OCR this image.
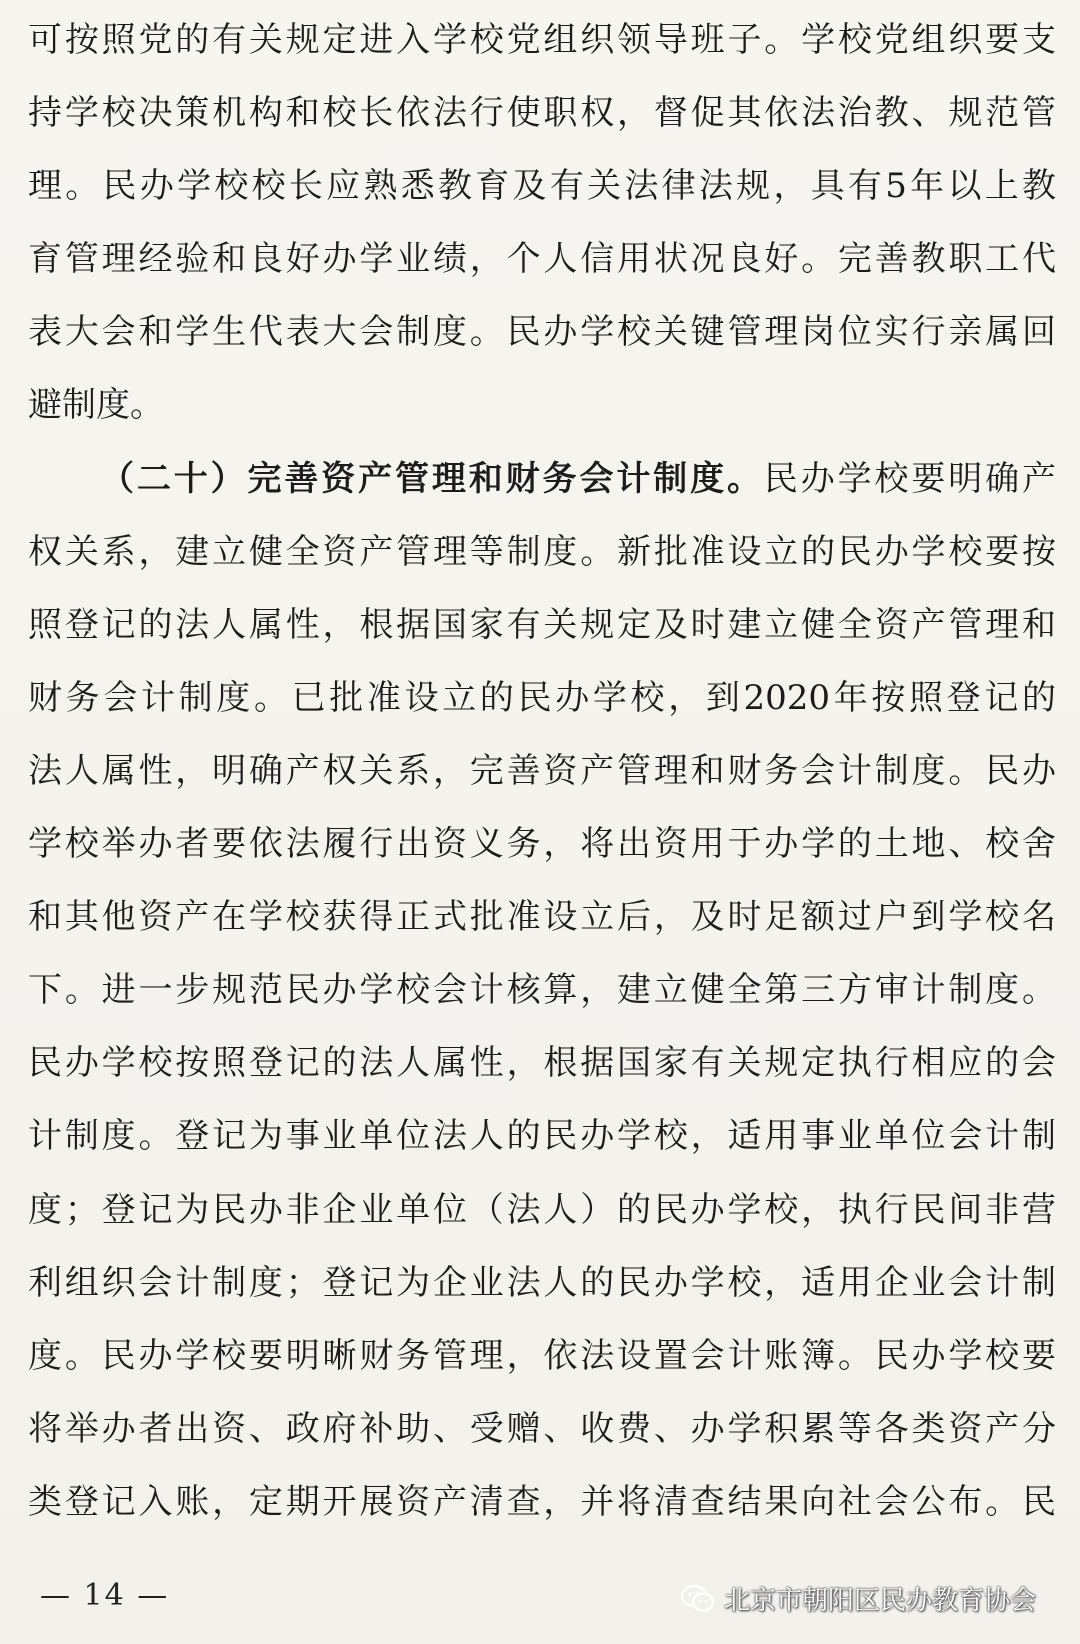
可按照党的有关规定进入学校党组织领导班子。学校党组织要支
持学校决策机构和校长依法行使职权，督促其依法治教、规范管
理。民办学校校长应熟悉教育及有关法律法规，具有5年以上教
育管理经验和良好办学业绩，个人信用状况良好。完善教职工代
表大会和学生代表大会制度。民办学校关键管理岗位实行亲属回
避制度。
（二十）完善资产管理和财务会计制度。民办学校要明确产
权关系，建立健全资产管理等制度。新批准设立的民办学校要按
照登记的法人属性，根据国家有关规定及时建立健全资产管理和
财务会计制度。已批准设立的民办学校，到2020年按照登记的
法人属性，明确产权关系，完善资产管理和财务会计制度。民办
学校举办者要依法履行出资义务，将出资用于办学的土地、校舍
和其他资产在学校获得正式批准设立后，及时足额过户到学校名
下。进一步规范民办学校会计核算，建立健全第三方审计制度。
民办学校按照登记的法人属性，根据国家有关规定执行相应的会
计制度。登记为事业单位法人的民办学校，适用事业单位会计制
度；登记为民办非企业单位（法人）的民办学校，执行民间非营
利组织会计制度；登记为企业法人的民办学校，适用企业会计制
度。民办学校要明晰财务管理，依法设置会计账簿。民办学校要
将举办者出资、政府补助、受赠、收费、办学积累等各类资产分
类登记入账，定期开展资产清查，并将清查结果向社会公布。民
— 14 —	北京市朝阳区民办教育协会
